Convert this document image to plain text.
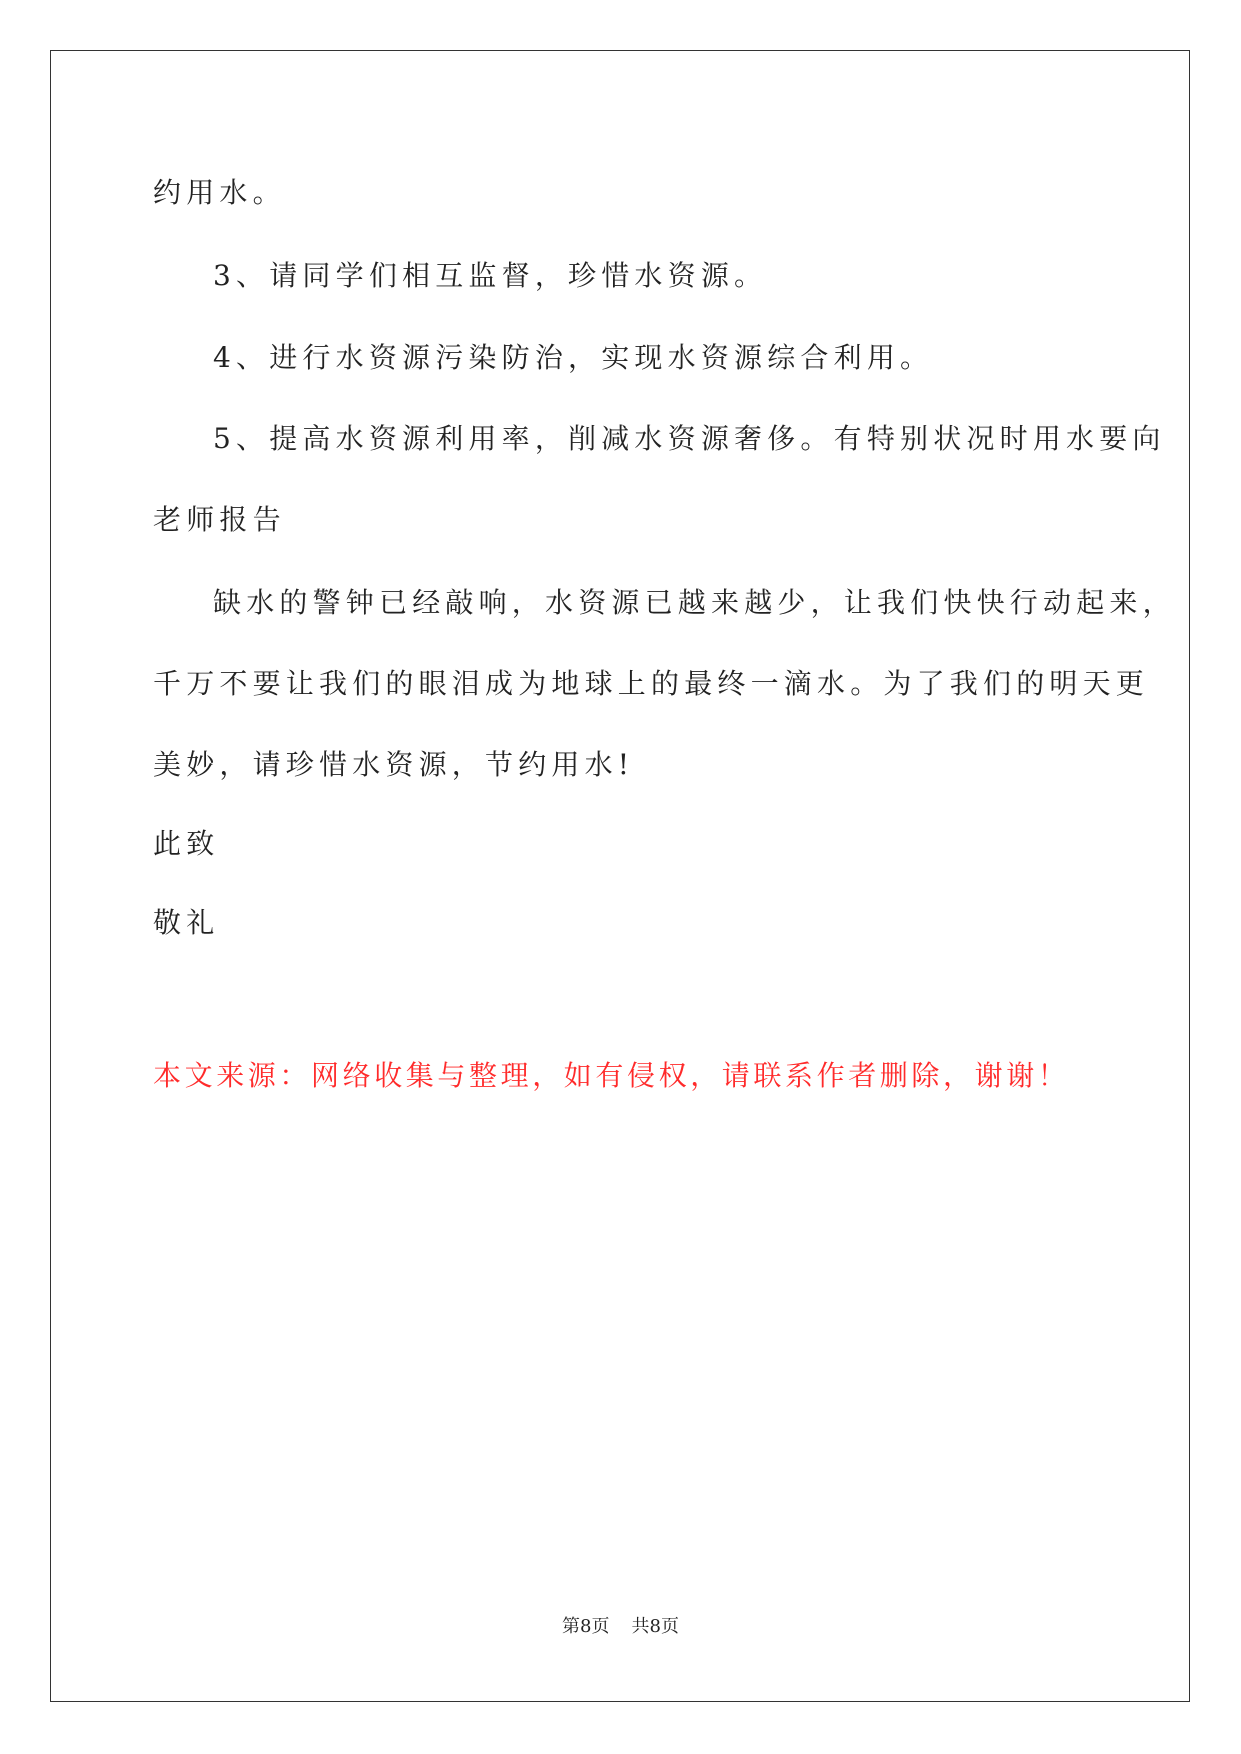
约用水。
3、请同学们相互监督，珍惜水资源。
4、进行水资源污染防治，实现水资源综合利用。
5、提高水资源利用率，削减水资源奢侈。有特别状况时用水要向
老师报告
缺水的警钟已经敲响，水资源已越来越少，让我们快快行动起来，
千万不要让我们的眼泪成为地球上的最终一滴水。为了我们的明天更
美妙，请珍惜水资源，节约用水!
此致
敬礼
本文来源：网络收集与整理，如有侵权，请联系作者删除，谢谢！
第8页 共8页
